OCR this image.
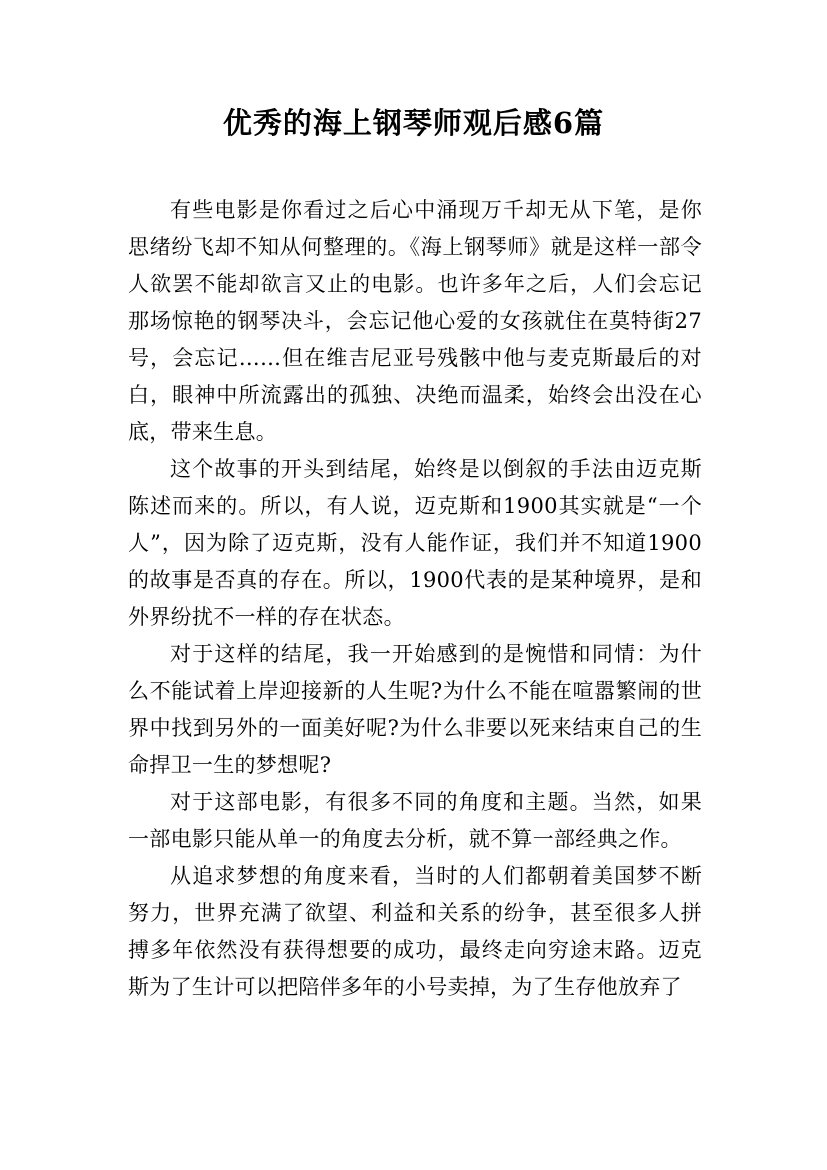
优秀的海上钢琴师观后感6篇

有些电影是你看过之后心中涌现万千却无从下笔，是你思绪纷飞却不知从何整理的。《海上钢琴师》就是这样一部令人欲罢不能却欲言又止的电影。也许多年之后，人们会忘记那场惊艳的钢琴决斗，会忘记他心爱的女孩就住在莫特街27号，会忘记……但在维吉尼亚号残骸中他与麦克斯最后的对白，眼神中所流露出的孤独、决绝而温柔，始终会出没在心底，带来生息。

这个故事的开头到结尾，始终是以倒叙的手法由迈克斯陈述而来的。所以，有人说，迈克斯和1900其实就是“一个人”，因为除了迈克斯，没有人能作证，我们并不知道1900的故事是否真的存在。所以，1900代表的是某种境界，是和外界纷扰不一样的存在状态。

对于这样的结尾，我一开始感到的是惋惜和同情：为什么不能试着上岸迎接新的人生呢?为什么不能在喧嚣繁闹的世界中找到另外的一面美好呢?为什么非要以死来结束自己的生命捍卫一生的梦想呢?

对于这部电影，有很多不同的角度和主题。当然，如果一部电影只能从单一的角度去分析，就不算一部经典之作。

从追求梦想的角度来看，当时的人们都朝着美国梦不断努力，世界充满了欲望、利益和关系的纷争，甚至很多人拼搏多年依然没有获得想要的成功，最终走向穷途末路。迈克斯为了生计可以把陪伴多年的小号卖掉，为了生存他放弃了
